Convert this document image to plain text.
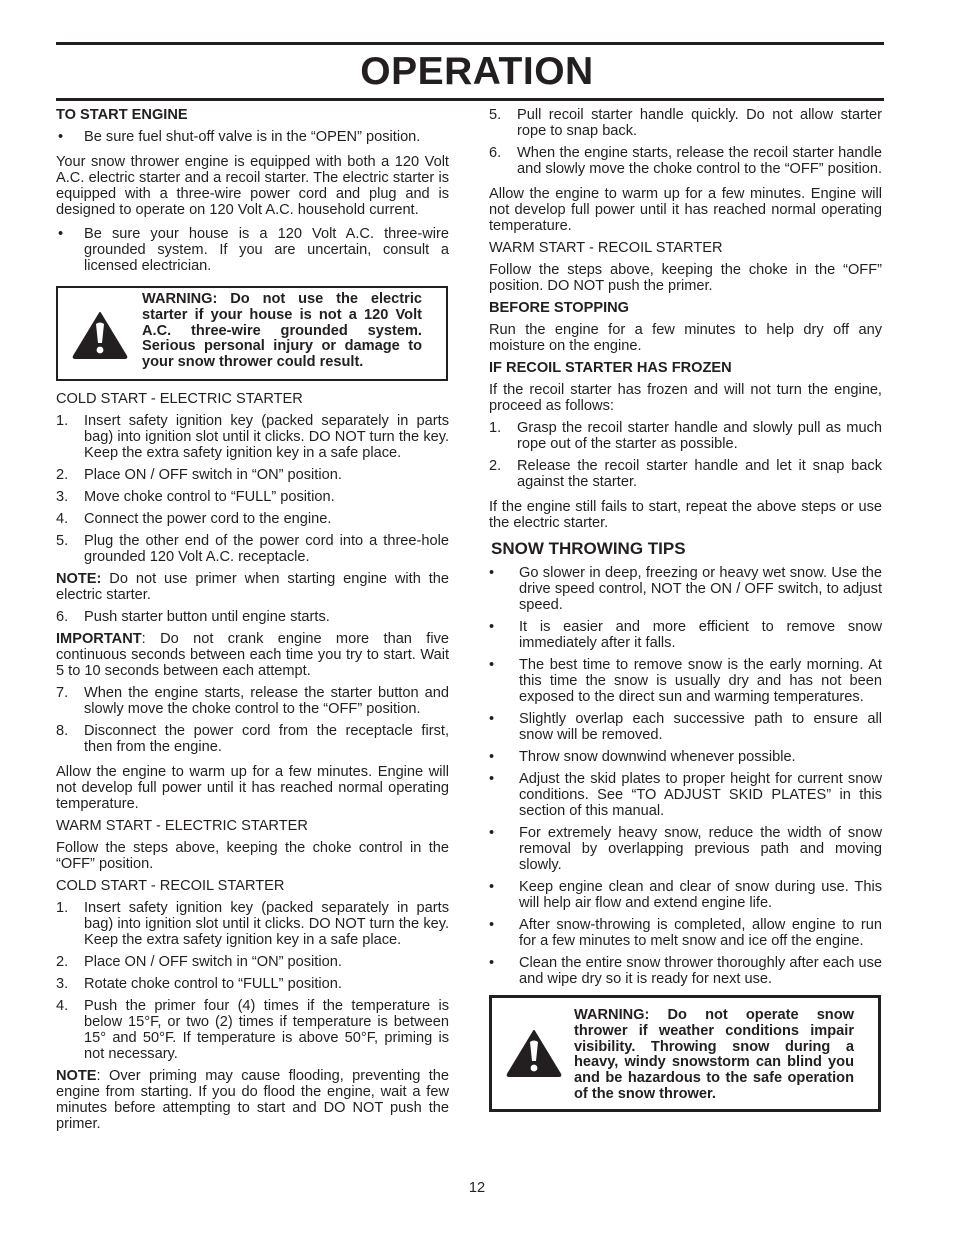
OPERATION
TO START ENGINE
•	Be sure fuel shut-off valve is in the “OPEN” position.
Your snow thrower engine is equipped with both a 120 Volt A.C. electric starter and a recoil starter. The electric starter is equipped with a three-wire power cord and plug and is designed to operate on 120 Volt A.C. household current.
•	Be sure your house is a 120 Volt A.C. three-wire grounded system. If you are uncertain, consult a licensed electrician.
WARNING: Do not use the electric starter if your house is not a 120 Volt A.C. three-wire grounded system. Serious personal injury or damage to your snow thrower could result.
COLD START - ELECTRIC STARTER
1.	Insert safety ignition key (packed separately in parts bag) into ignition slot until it clicks. DO NOT turn the key. Keep the extra safety ignition key in a safe place.
2.	Place ON / OFF switch in “ON” position.
3.	Move choke control to “FULL” position.
4.	Connect the power cord to the engine.
5.	Plug the other end of the power cord into a three-hole grounded 120 Volt A.C. receptacle.
NOTE: Do not use primer when starting engine with the electric starter.
6.	Push starter button until engine starts.
IMPORTANT: Do not crank engine more than five continuous seconds between each time you try to start. Wait 5 to 10 seconds between each attempt.
7.	When the engine starts, release the starter button and slowly move the choke control to the “OFF” position.
8.	Disconnect the power cord from the receptacle first, then from the engine.
Allow the engine to warm up for a few minutes. Engine will not develop full power until it has reached normal operating temperature.
WARM START - ELECTRIC STARTER
Follow the steps above, keeping the choke control in the “OFF” position.
COLD START - RECOIL STARTER
1.	Insert safety ignition key (packed separately in parts bag) into ignition slot until it clicks. DO NOT turn the key. Keep the extra safety ignition key in a safe place.
2.	Place ON / OFF switch in “ON” position.
3.	Rotate choke control to “FULL” position.
4.	Push the primer four (4) times if the temperature is below 15°F, or two (2) times if temperature is between 15° and 50°F. If temperature is above 50°F, priming is not necessary.
NOTE: Over priming may cause flooding, preventing the engine from starting. If you do flood the engine, wait a few minutes before attempting to start and DO NOT push the primer.
5.	Pull recoil starter handle quickly. Do not allow starter rope to snap back.
6.	When the engine starts, release the recoil starter handle and slowly move the choke control to the “OFF” position.
Allow the engine to warm up for a few minutes. Engine will not develop full power until it has reached normal operating temperature.
WARM START - RECOIL STARTER
Follow the steps above, keeping the choke in the “OFF” position. DO NOT push the primer.
BEFORE STOPPING
Run the engine for a few minutes to help dry off any moisture on the engine.
IF RECOIL STARTER HAS FROZEN
If the recoil starter has frozen and will not turn the engine, proceed as follows:
1.	Grasp the recoil starter handle and slowly pull as much rope out of the starter as possible.
2.	Release the recoil starter handle and let it snap back against the starter.
If the engine still fails to start, repeat the above steps or use the electric starter.
SNOW THROWING TIPS
•	Go slower in deep, freezing or heavy wet snow. Use the drive speed control, NOT the ON / OFF switch, to adjust speed.
•	It is easier and more efficient to remove snow immediately after it falls.
•	The best time to remove snow is the early morning. At this time the snow is usually dry and has not been exposed to the direct sun and warming temperatures.
•	Slightly overlap each successive path to ensure all snow will be removed.
•	Throw snow downwind whenever possible.
•	Adjust the skid plates to proper height for current snow conditions. See “TO ADJUST SKID PLATES” in this section of this manual.
•	For extremely heavy snow, reduce the width of snow removal by overlapping previous path and moving slowly.
•	Keep engine clean and clear of snow during use. This will help air flow and extend engine life.
•	After snow-throwing is completed, allow engine to run for a few minutes to melt snow and ice off the engine.
•	Clean the entire snow thrower thoroughly after each use and wipe dry so it is ready for next use.
WARNING: Do not operate snow thrower if weather conditions impair visibility. Throwing snow during a heavy, windy snowstorm can blind you and be hazardous to the safe operation of the snow thrower.
12
